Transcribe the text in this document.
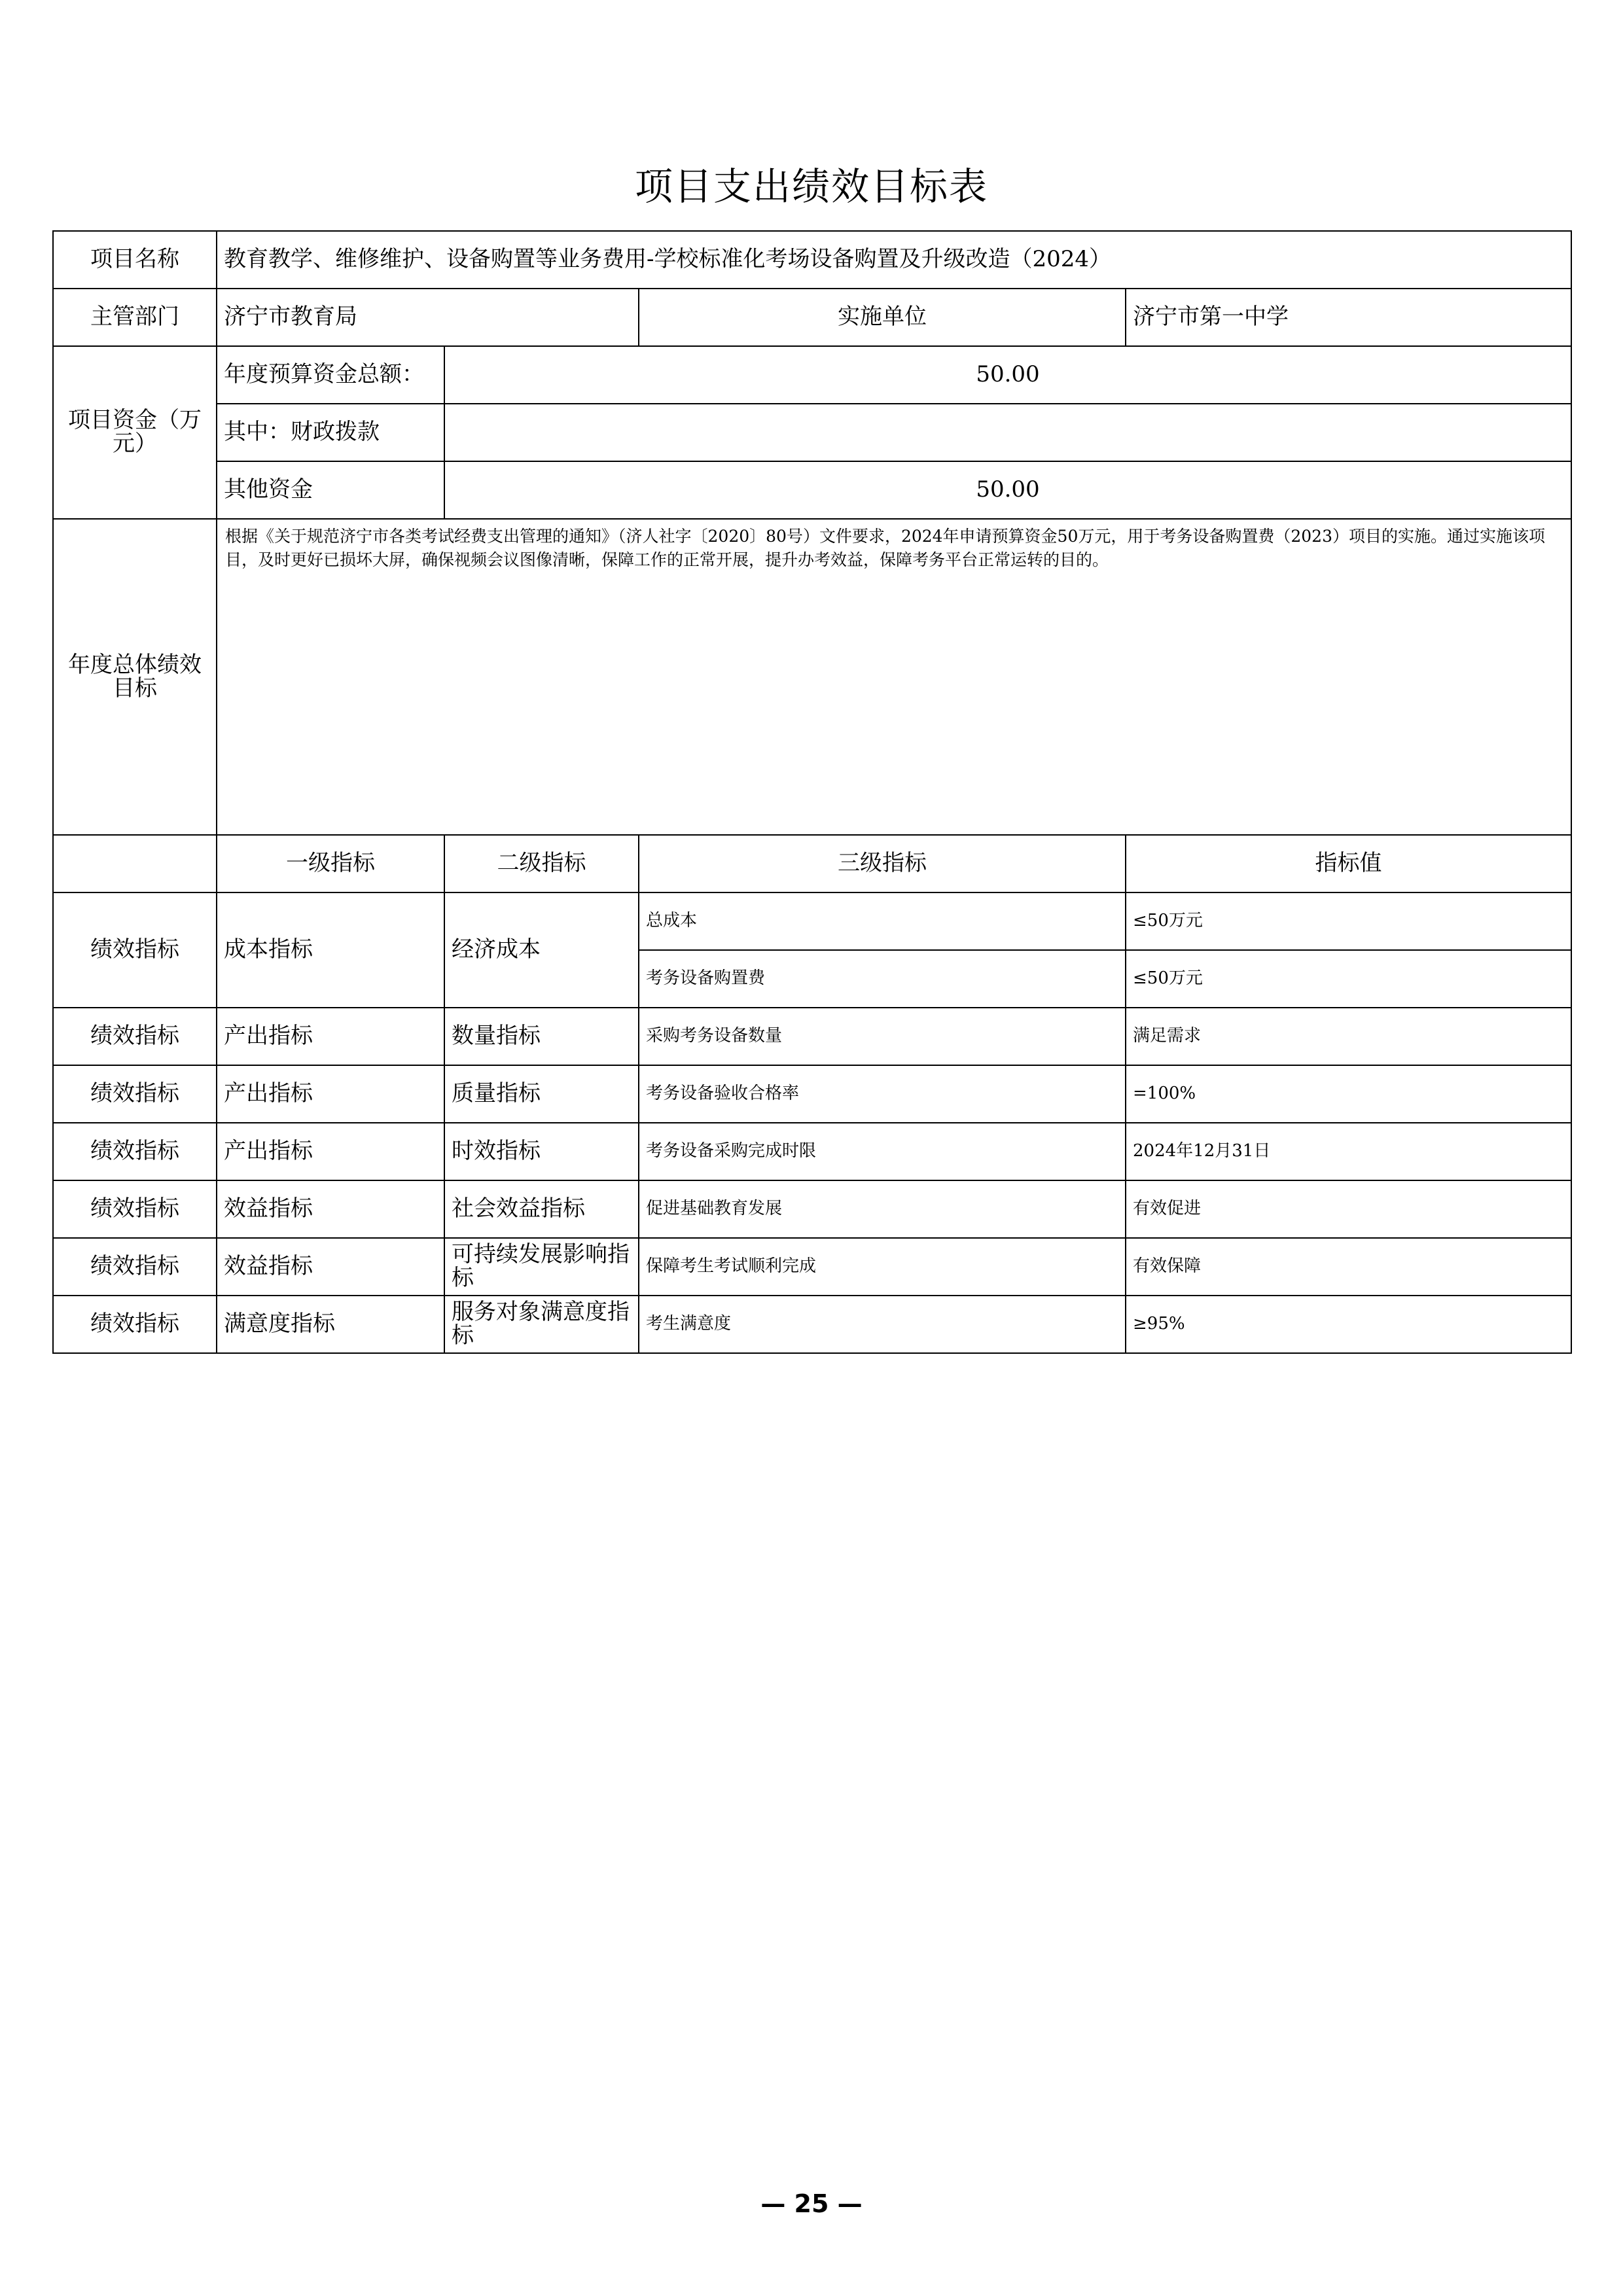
项目支出绩效目标表
项目名称	教育教学、维修维护、设备购置等业务费用-学校标准化考场设备购置及升级改造（2024）			
主管部门	济宁市教育局		实施单位	济宁市第一中学
项目资金（万元）	年度预算资金总额：	50.00		
	其中：财政拨款			
	其他资金	50.00		
年度总体绩效目标	根据《关于规范济宁市各类考试经费支出管理的通知》（济人社字〔2020〕80号）文件要求，2024年申请预算资金50万元，用于考务设备购置费（2023）项目的实施。通过实施该项目，及时更好已损坏大屏，确保视频会议图像清晰，保障工作的正常开展，提升办考效益，保障考务平台正常运转的目的。			
	一级指标	二级指标	三级指标	指标值
绩效指标	成本指标	经济成本	总成本	≤50万元
			考务设备购置费	≤50万元
绩效指标	产出指标	数量指标	采购考务设备数量	满足需求
绩效指标	产出指标	质量指标	考务设备验收合格率	=100%
绩效指标	产出指标	时效指标	考务设备采购完成时限	2024年12月31日
绩效指标	效益指标	社会效益指标	促进基础教育发展	有效促进
绩效指标	效益指标	可持续发展影响指标	保障考生考试顺利完成	有效保障
绩效指标	满意度指标	服务对象满意度指标	考生满意度	≥95%
— 25 —
